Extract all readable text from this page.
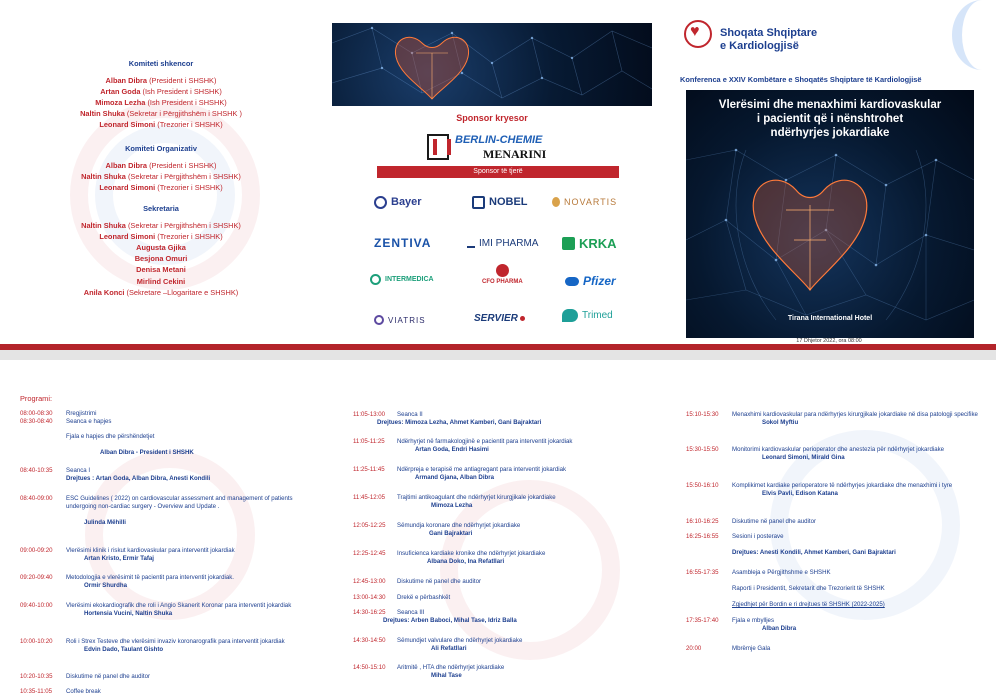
Komiteti shkencor
Alban Dibra (President i SHSHK)
Artan Goda (Ish President i SHSHK)
Mimoza Lezha (Ish President i SHSHK)
Naltin Shuka (Sekretar i Përgjithshëm i SHSHK )
Leonard Simoni (Trezorier i SHSHK)
Komiteti Organizativ
Alban Dibra (President i SHSHK)
Naltin Shuka (Sekretar i Përgjithshëm i SHSHK)
Leonard Simoni (Trezorier i SHSHK)
Sekretaria
Naltin Shuka (Sekretar i Përgjithshëm i SHSHK)
Leonard Simoni (Trezorier i SHSHK)
Augusta Gjika
Besjona Omuri
Denisa Metani
Mirlind Cekini
Anila Konci (Sekretare –Llogaritare e SHSHK)
Sponsor kryesor
BERLIN-CHEMIE
MENARINI
Sponsor të tjerë
Bayer	NOBEL	NOVARTIS
ZENTIVA	IMI PHARMA	KRKA
INTERMEDICA	CFO PHARMA	Pfizer
VIATRIS	SERVIER	Trimed
♥
Shoqata Shqiptare
e Kardiologjisë
Konferenca e XXIV Kombëtare e Shoqatës Shqiptare të Kardiologjisë
Vlerësimi dhe menaxhimi kardiovaskular
i pacientit që i nënshtrohet
ndërhyrjes jokardiake
Tirana International Hotel
17 Dhjetor 2022, ora 08:00
Programi:
08:00-08:30 Rregjistrimi
08:30-08:40 Seanca e hapjes
Fjala e hapjes dhe përshëndetjet

Alban Dibra - President i SHSHK
08:40-10:35 Seanca I
Drejtues : Artan Goda, Alban Dibra, Anesti Kondili
08:40-09:00 ESC Guidelines ( 2022) on cardiovascular assessment and management of patients undergoing non-cardiac surgery - Overview and Update .

Julinda Mëhilli
09:00-09:20 Vlerësimi klinik i riskut kardiovaskular para interventit jokardiak
Artan Kristo, Ermir Tafaj
09:20-09:40 Metodologjia e vlerësimit të pacientit para interventit jokardiak.
Ormir Shurdha
09:40-10:00 Vlerësimi ekokardiografik dhe roli i Angio Skanerit Koronar para interventit jokardiak
Hortensia Vucini, Naltin Shuka
10:00-10:20 Roli i Strex Testeve dhe vlerësimi invaziv koronarografik para interventit jokardiak
Edvin Dado, Taulant Gishto
10:20-10:35 Diskutime në panel dhe auditor
10:35-11:05 Coffee break
11:05-13:00 Seanca II
Drejtues: Mimoza Lezha, Ahmet Kamberi, Gani Bajraktari
11:05-11:25 Ndërhyrjet në farmakologjinë e pacientit para interventit jokardiak
Artan Goda, Endri Hasimi
11:25-11:45 Ndërpreja e terapisë me antiagregant para interventit jokardiak
Armand Gjana, Alban Dibra
11:45-12:05 Trajtimi antikoagulant dhe ndërhyrjet kirurgjikale jokardiake
Mimoza Lezha
12:05-12:25 Sëmundja koronare dhe ndërhyrjet jokardiake
Gani Bajraktari
12:25-12:45 Insuficienca kardiake kronike dhe ndërhyrjet jokardiake
Albana Doko, Ina Refatllari
12:45-13:00 Diskutime në panel dhe auditor
13:00-14:30 Drekë e përbashkët
14:30-16:25 Seanca III
Drejtues: Arben Baboci, Mihal Tase, Idriz Balla
14:30-14:50 Sëmundjet valvulare dhe ndërhyrjet jokardiake
Ali Refatllari
14:50-15:10 Aritmitë , HTA dhe ndërhyrjet jokardiake
Mihal Tase
15:10-15:30 Menaxhimi kardiovaskular para ndërhyrjes kirurgjikale jokardiake në disa patologji specifike
Sokol Myftiu
15:30-15:50 Monitorimi kardiovaskular perioperator dhe anestezia për ndërhyrjet jokardiake
Leonard Simoni, Mirald Gina
15:50-16:10 Komplikimet kardiake perioperatore të ndërhyrjes jokardiake dhe menaxhimi i tyre
Elvis Pavli, Edison Katana
16:10-16:25 Diskutime në panel dhe auditor
16:25-16:55 Sesioni i posterave

Drejtues: Anesti Kondili, Ahmet Kamberi, Gani Bajraktari
16:55-17:35 Asambleja e Përgjithshme e SHSHK
Raporti i Presidentit, Sekretarit dhe Trezorierit të SHSHK
Zgjedhjet për Bordin e ri drejtues të SHSHK (2022-2025)
17:35-17:40 Fjala e mbylljes
Alban Dibra
20:00	Mbrëmje Gala
